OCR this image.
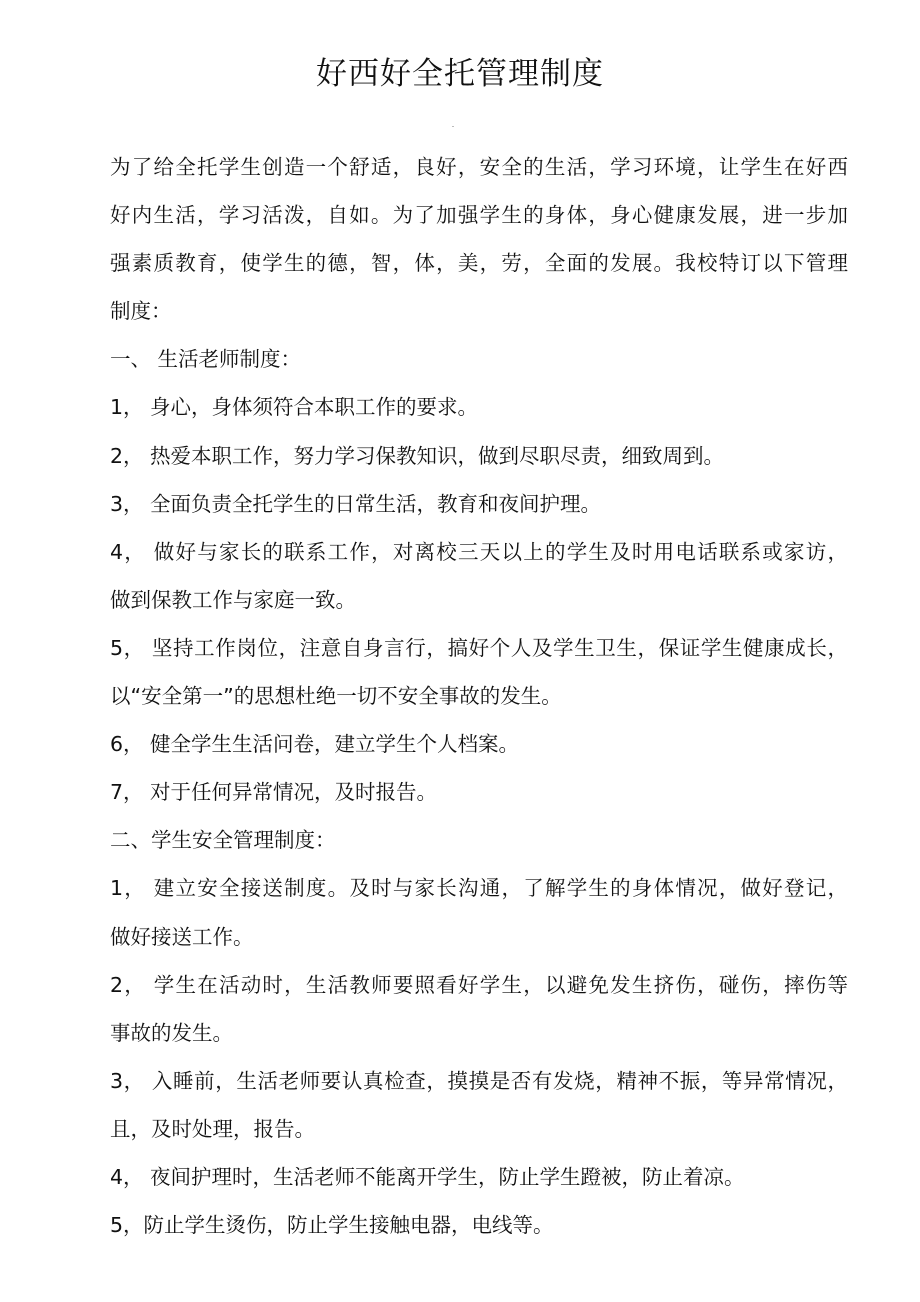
好西好全托管理制度
为了给全托学生创造一个舒适，良好，安全的生活，学习环境，让学生在好西
好内生活，学习活泼，自如。为了加强学生的身体，身心健康发展，进一步加
强素质教育，使学生的德，智，体，美，劳，全面的发展。我校特订以下管理
制度：
一、 生活老师制度：
1， 身心，身体须符合本职工作的要求。
2， 热爱本职工作，努力学习保教知识，做到尽职尽责，细致周到。
3， 全面负责全托学生的日常生活，教育和夜间护理。
4， 做好与家长的联系工作，对离校三天以上的学生及时用电话联系或家访，
做到保教工作与家庭一致。
5， 坚持工作岗位，注意自身言行，搞好个人及学生卫生，保证学生健康成长，
以“安全第一”的思想杜绝一切不安全事故的发生。
6， 健全学生生活问卷，建立学生个人档案。
7， 对于任何异常情况，及时报告。
二、学生安全管理制度：
1， 建立安全接送制度。及时与家长沟通，了解学生的身体情况，做好登记，
做好接送工作。
2， 学生在活动时，生活教师要照看好学生，以避免发生挤伤，碰伤，摔伤等
事故的发生。
3， 入睡前，生活老师要认真检查，摸摸是否有发烧，精神不振，等异常情况，
且，及时处理，报告。
4， 夜间护理时，生活老师不能离开学生，防止学生蹬被，防止着凉。
5，防止学生烫伤，防止学生接触电器，电线等。
